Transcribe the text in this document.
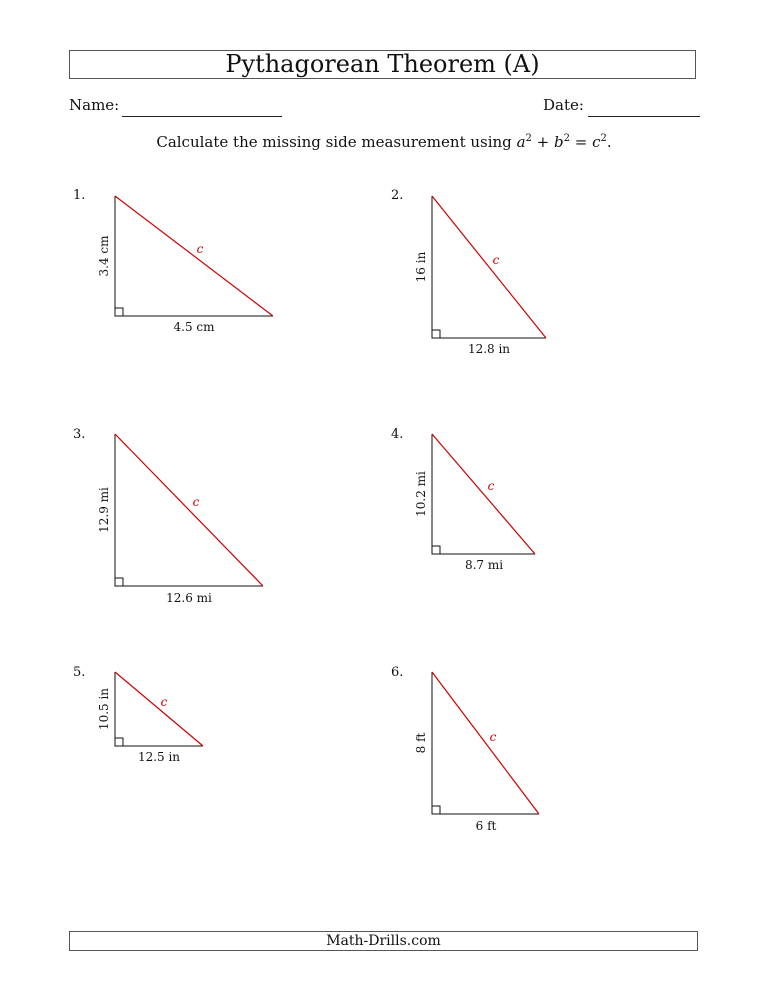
Pythagorean Theorem (A)
Name:	Date:
Calculate the missing side measurement using $a^2 + b^2 = c^2$.
1.
3.4 cm
4.5 cm
c
2.
16 in
12.8 in
c
3.
12.9 mi
12.6 mi
c
4.
10.2 mi
8.7 mi
c
5.
10.5 in
12.5 in
c
6.
8 ft
6 ft
c
Math-Drills.com
